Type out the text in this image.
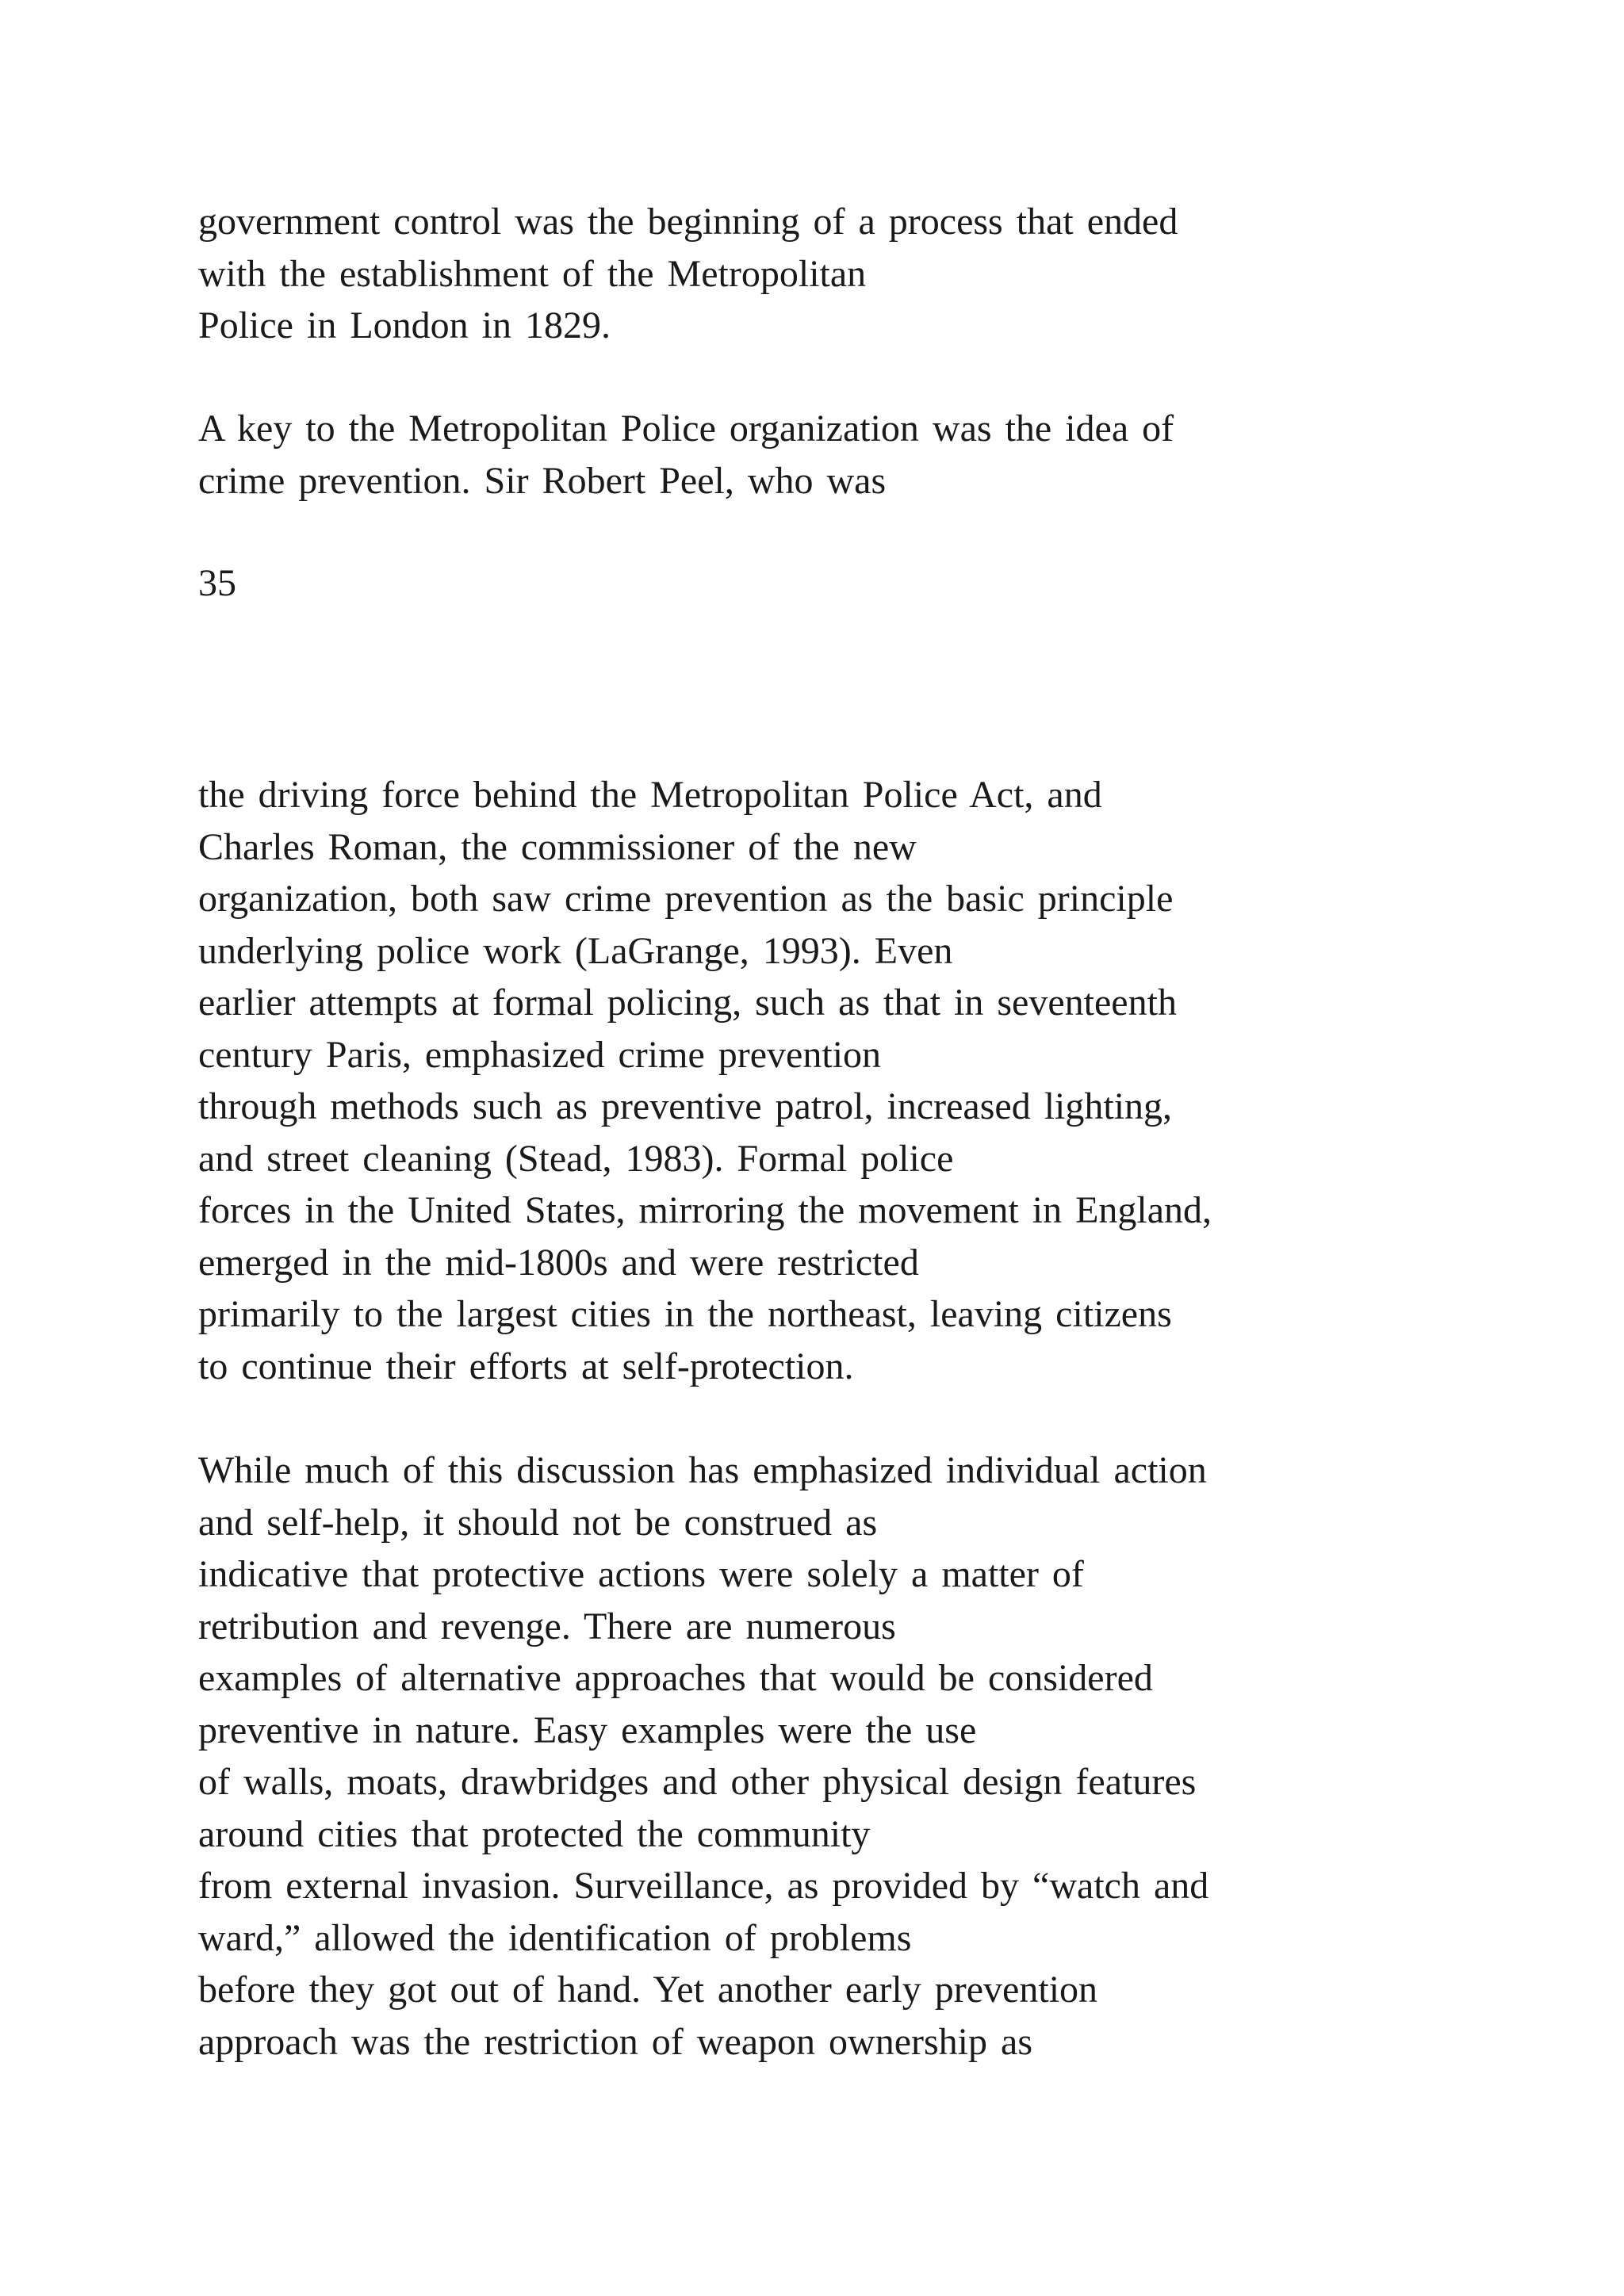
government control was the beginning of a process that ended
with the establishment of the Metropolitan
Police in London in 1829.
A key to the Metropolitan Police organization was the idea of
crime prevention. Sir Robert Peel, who was
35
the driving force behind the Metropolitan Police Act, and
Charles Roman, the commissioner of the new
organization, both saw crime prevention as the basic principle
underlying police work (LaGrange, 1993). Even
earlier attempts at formal policing, such as that in seventeenth
century Paris, emphasized crime prevention
through methods such as preventive patrol, increased lighting,
and street cleaning (Stead, 1983). Formal police
forces in the United States, mirroring the movement in England,
emerged in the mid-1800s and were restricted
primarily to the largest cities in the northeast, leaving citizens
to continue their efforts at self-protection.
While much of this discussion has emphasized individual action
and self-help, it should not be construed as
indicative that protective actions were solely a matter of
retribution and revenge. There are numerous
examples of alternative approaches that would be considered
preventive in nature. Easy examples were the use
of walls, moats, drawbridges and other physical design features
around cities that protected the community
from external invasion. Surveillance, as provided by “watch and
ward,” allowed the identification of problems
before they got out of hand. Yet another early prevention
approach was the restriction of weapon ownership as
